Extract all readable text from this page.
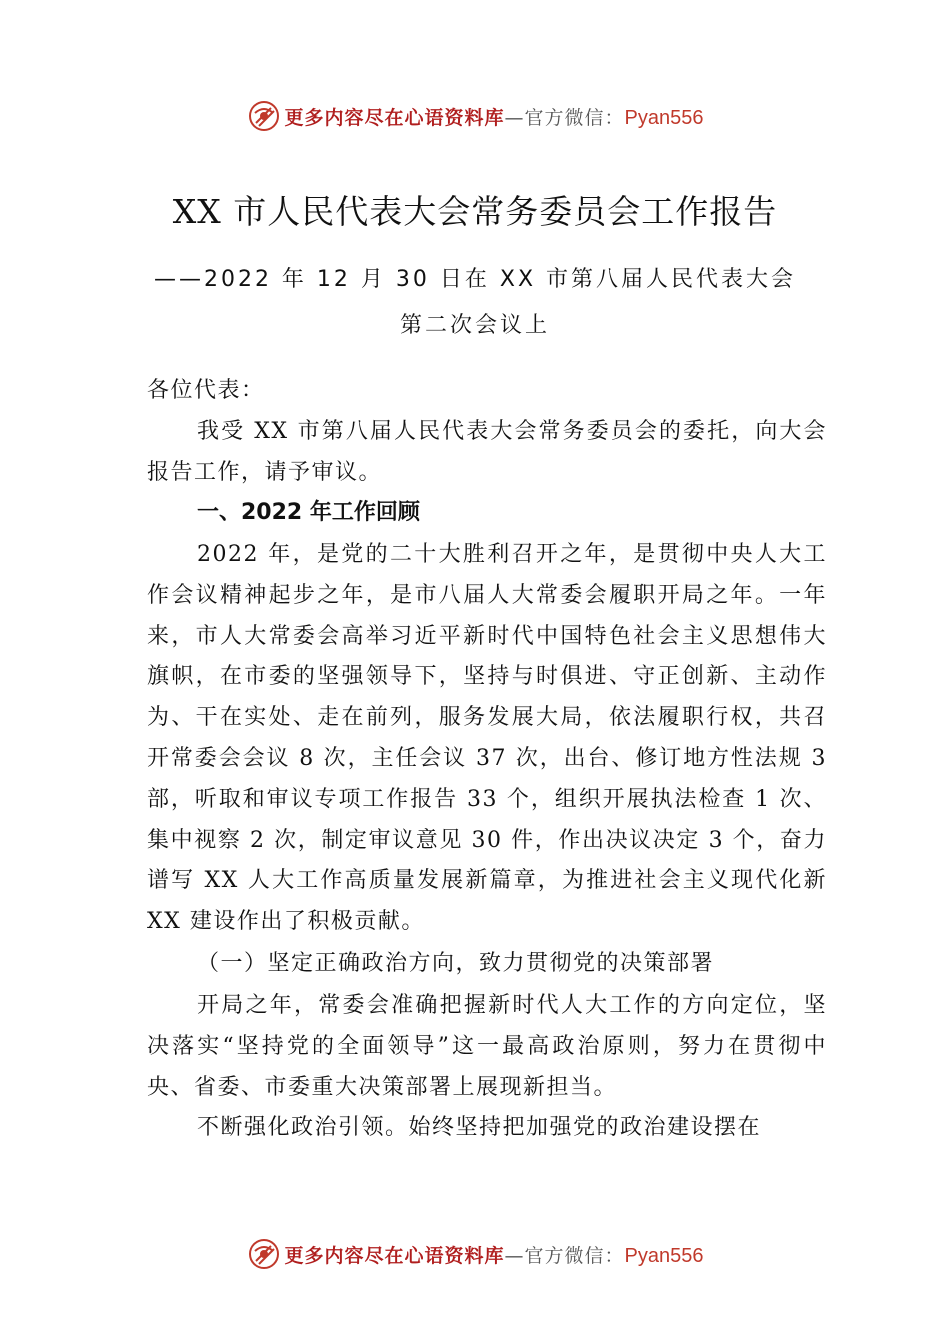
更多内容尽在心语资料库 —官方微信： Pyan556
XX 市人民代表大会常务委员会工作报告
——2022 年 12 月 30 日在 XX 市第八届人民代表大会
第二次会议上
各位代表：
我受 XX 市第八届人民代表大会常务委员会的委托，向大会报告工作，请予审议。
一、2022 年工作回顾
2022 年，是党的二十大胜利召开之年，是贯彻中央人大工作会议精神起步之年，是市八届人大常委会履职开局之年。一年来，市人大常委会高举习近平新时代中国特色社会主义思想伟大旗帜，在市委的坚强领导下，坚持与时俱进、守正创新、主动作为、干在实处、走在前列，服务发展大局，依法履职行权，共召开常委会会议 8 次，主任会议 37 次，出台、修订地方性法规 3 部，听取和审议专项工作报告 33 个，组织开展执法检查 1 次、集中视察 2 次，制定审议意见 30 件，作出决议决定 3 个，奋力谱写 XX 人大工作高质量发展新篇章，为推进社会主义现代化新 XX 建设作出了积极贡献。
（一）坚定正确政治方向，致力贯彻党的决策部署
开局之年，常委会准确把握新时代人大工作的方向定位，坚决落实“坚持党的全面领导”这一最高政治原则，努力在贯彻中央、省委、市委重大决策部署上展现新担当。
不断强化政治引领。始终坚持把加强党的政治建设摆在
更多内容尽在心语资料库 —官方微信： Pyan556
